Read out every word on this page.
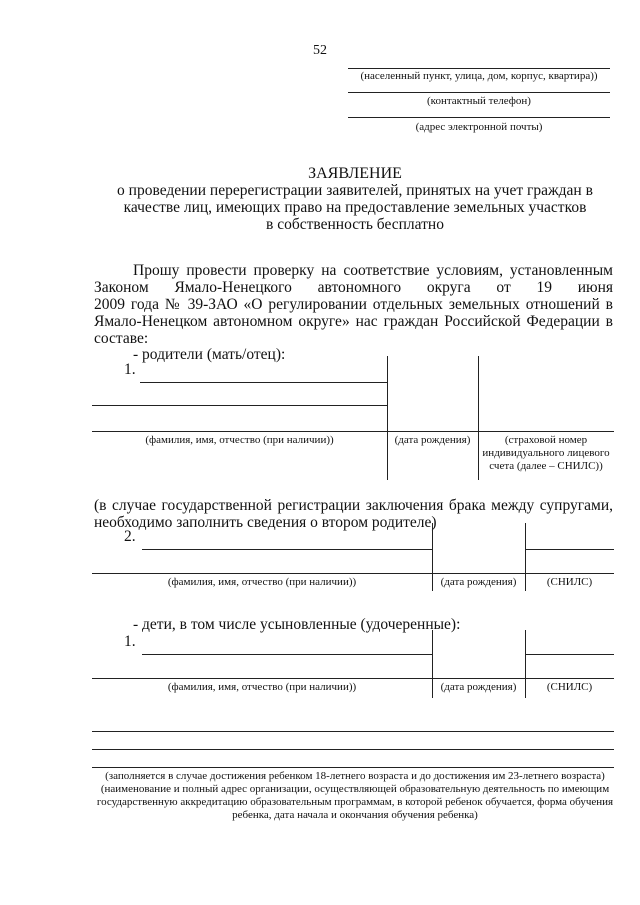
52
(населенный пункт, улица, дом, корпус, квартира))
(контактный телефон)
(адрес электронной почты)
ЗАЯВЛЕНИЕ
о проведении перерегистрации заявителей, принятых на учет граждан в
качестве лиц, имеющих право на предоставление земельных участков
в собственность бесплатно
Прошу провести проверку на соответствие условиям, установленным
Законом Ямало-Ненецкого автономного округа от 19 июня
2009 года № 39-ЗАО «О регулировании отдельных земельных отношений в
Ямало-Ненецком автономном округе» нас граждан Российской Федерации в
составе:
- родители (мать/отец):
1.
(фамилия, имя, отчество (при наличии))	(дата рождения)	(страховой номер
индивидуального лицевого
счета (далее – СНИЛС))
(в случае государственной регистрации заключения брака между супругами,
необходимо заполнить сведения о втором родителе)
2.
(фамилия, имя, отчество (при наличии))	(дата рождения)	(СНИЛС)
- дети, в том числе усыновленные (удочеренные):
1.
(фамилия, имя, отчество (при наличии))	(дата рождения)	(СНИЛС)
(заполняется в случае достижения ребенком 18-летнего возраста и до достижения им 23-летнего возраста)
(наименование и полный адрес организации, осуществляющей образовательную деятельность по имеющим
государственную аккредитацию образовательным программам, в которой ребенок обучается, форма обучения
ребенка, дата начала и окончания обучения ребенка)
